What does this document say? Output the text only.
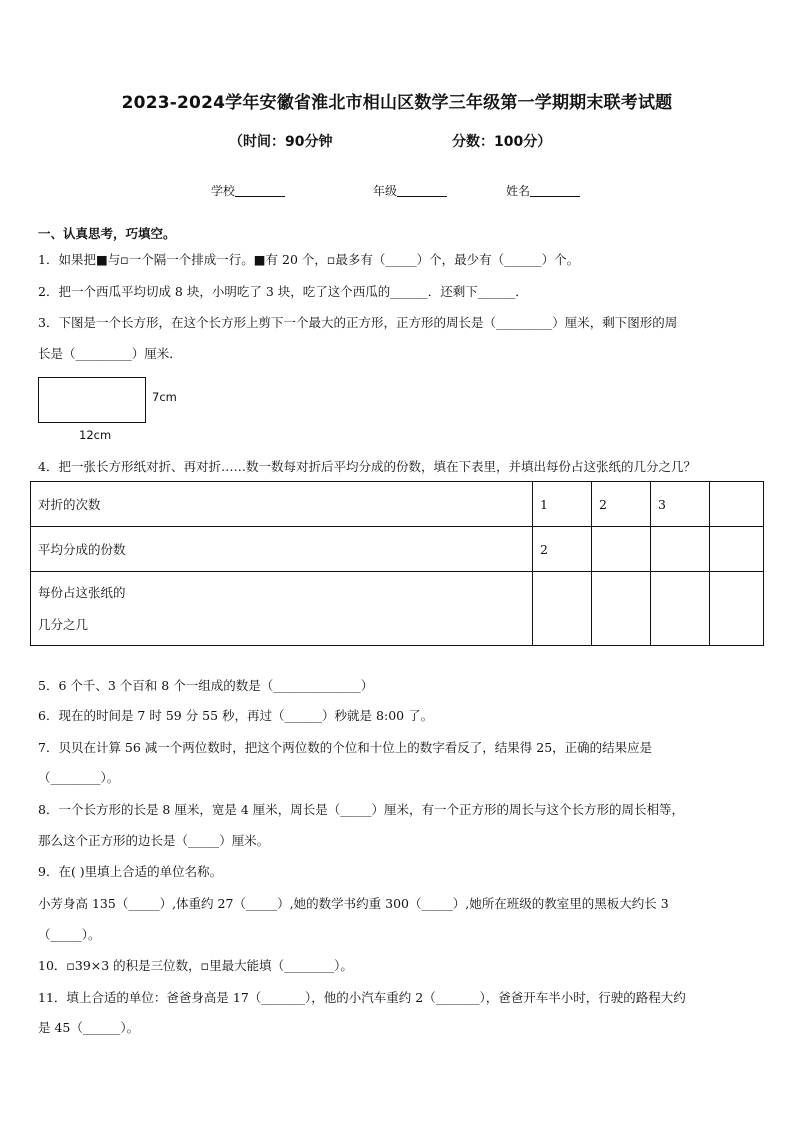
2023-2024学年安徽省淮北市相山区数学三年级第一学期期末联考试题
（时间：90分钟	分数：100分）
学校	年级	姓名
一、认真思考，巧填空。
1．如果把■与▫一个隔一个排成一行。■有 20 个，▫最多有（_____）个，最少有（______）个。
2．把一个西瓜平均切成 8 块，小明吃了 3 块，吃了这个西瓜的______．还剩下______．
3．下图是一个长方形，在这个长方形上剪下一个最大的正方形，正方形的周长是（_________）厘米，剩下图形的周
长是（_________）厘米．
7cm
12cm
4．把一张长方形纸对折、再对折……数一数每对折后平均分成的份数，填在下表里，并填出每份占这张纸的几分之几？
对折的次数	1	2	3	
平均分成的份数	2			

每份占这张纸的
几分之几				

5．6 个千、3 个百和 8 个一组成的数是（______________）
6．现在的时间是 7 时 59 分 55 秒，再过（______）秒就是 8:00 了。
7．贝贝在计算 56 减一个两位数时，把这个两位数的个位和十位上的数字看反了，结果得 25，正确的结果应是
（________）。
8．一个长方形的长是 8 厘米，宽是 4 厘米，周长是（_____）厘米，有一个正方形的周长与这个长方形的周长相等，
那么这个正方形的边长是（_____）厘米。
9．在( )里填上合适的单位名称。
小芳身高 135（_____）,体重约 27（_____）,她的数学书约重 300（_____）,她所在班级的教室里的黑板大约长 3
（_____）。
10．▫39×3 的积是三位数，▫里最大能填（________）。
11．填上合适的单位：爸爸身高是 17（_______），他的小汽车重约 2（_______），爸爸开车半小时，行驶的路程大约
是 45（______）。
